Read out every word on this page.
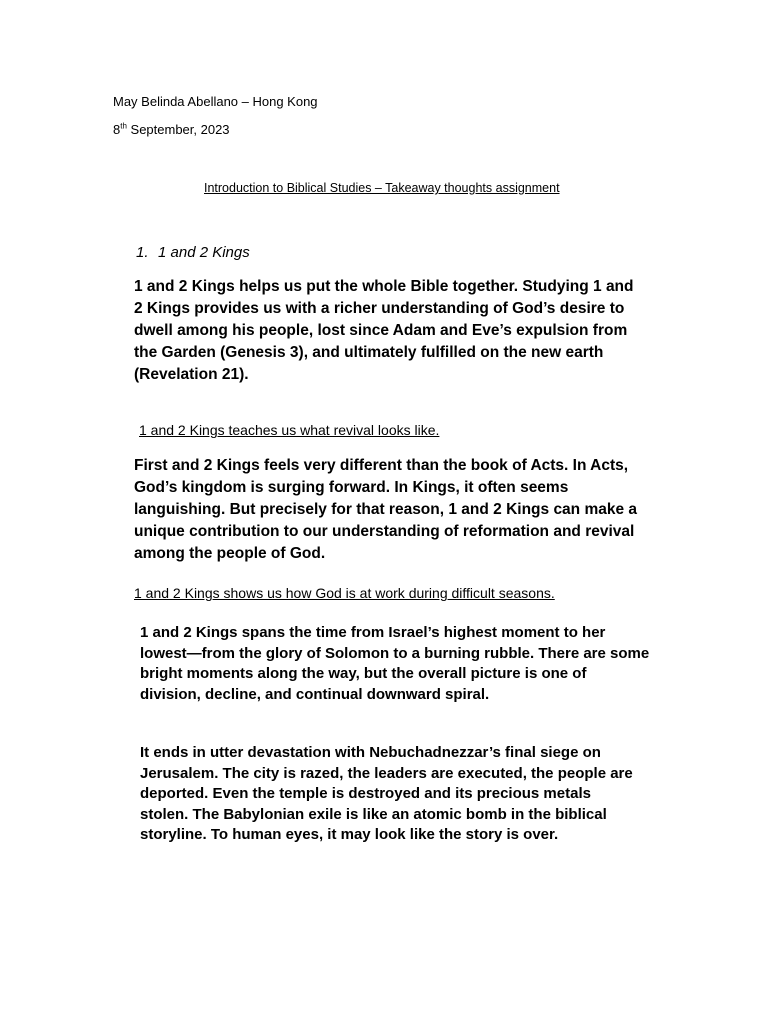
May Belinda Abellano – Hong Kong
8th September, 2023
Introduction to Biblical Studies – Takeaway thoughts assignment
1. 1 and 2 Kings

1 and 2 Kings helps us put the whole Bible together. Studying 1 and 2 Kings provides us with a richer understanding of God’s desire to dwell among his people, lost since Adam and Eve’s expulsion from the Garden (Genesis 3), and ultimately fulfilled on the new earth (Revelation 21).

1 and 2 Kings teaches us what revival looks like.

First and 2 Kings feels very different than the book of Acts. In Acts, God’s kingdom is surging forward. In Kings, it often seems languishing. But precisely for that reason, 1 and 2 Kings can make a unique contribution to our understanding of reformation and revival among the people of God.

1 and 2 Kings shows us how God is at work during difficult seasons.

1 and 2 Kings spans the time from Israel’s highest moment to her lowest—from the glory of Solomon to a burning rubble. There are some bright moments along the way, but the overall picture is one of division, decline, and continual downward spiral.

It ends in utter devastation with Nebuchadnezzar’s final siege on Jerusalem. The city is razed, the leaders are executed, the people are deported. Even the temple is destroyed and its precious metals stolen. The Babylonian exile is like an atomic bomb in the biblical storyline. To human eyes, it may look like the story is over.
